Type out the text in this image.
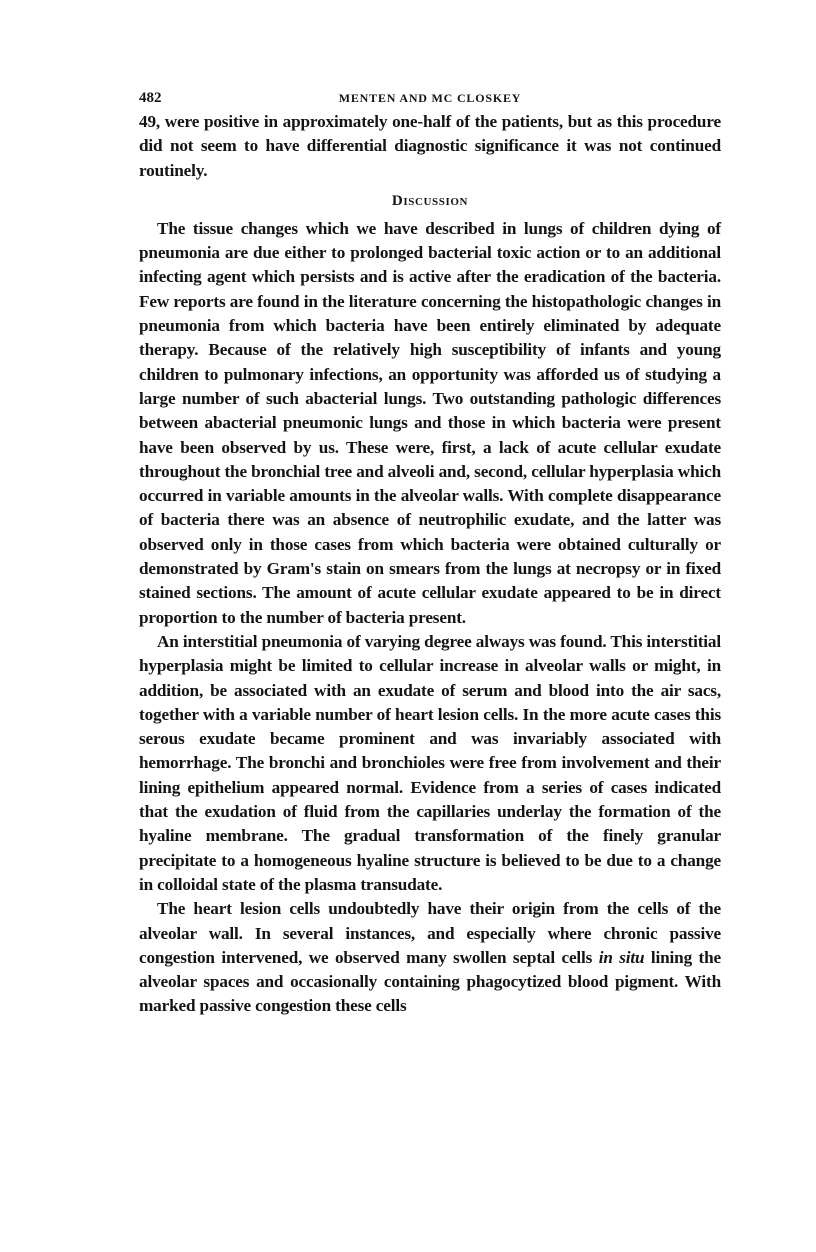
482	MENTEN AND MC CLOSKEY

49, were positive in approximately one-half of the patients, but as this procedure did not seem to have differential diagnostic significance it was not continued routinely.

Discussion

The tissue changes which we have described in lungs of children dying of pneumonia are due either to prolonged bacterial toxic action or to an additional infecting agent which persists and is active after the eradication of the bacteria. Few reports are found in the literature concerning the histopathologic changes in pneumonia from which bacteria have been entirely eliminated by adequate therapy. Because of the relatively high susceptibility of infants and young children to pulmonary infections, an opportunity was afforded us of studying a large number of such abacterial lungs. Two outstanding pathologic differences between abacterial pneumonic lungs and those in which bacteria were present have been observed by us. These were, first, a lack of acute cellular exudate throughout the bronchial tree and alveoli and, second, cellular hyperplasia which occurred in variable amounts in the alveolar walls. With complete disappearance of bacteria there was an absence of neutrophilic exudate, and the latter was observed only in those cases from which bacteria were obtained culturally or demonstrated by Gram's stain on smears from the lungs at necropsy or in fixed stained sections. The amount of acute cellular exudate appeared to be in direct proportion to the number of bacteria present.

An interstitial pneumonia of varying degree always was found. This interstitial hyperplasia might be limited to cellular increase in alveolar walls or might, in addition, be associated with an exudate of serum and blood into the air sacs, together with a variable number of heart lesion cells. In the more acute cases this serous exudate became prominent and was invariably associated with hemorrhage. The bronchi and bronchioles were free from involvement and their lining epithelium appeared normal. Evidence from a series of cases indicated that the exudation of fluid from the capillaries underlay the formation of the hyaline membrane. The gradual transformation of the finely granular precipitate to a homogeneous hyaline structure is believed to be due to a change in colloidal state of the plasma transudate.

The heart lesion cells undoubtedly have their origin from the cells of the alveolar wall. In several instances, and especially where chronic passive congestion intervened, we observed many swollen septal cells in situ lining the alveolar spaces and occasionally containing phagocytized blood pigment. With marked passive congestion these cells
